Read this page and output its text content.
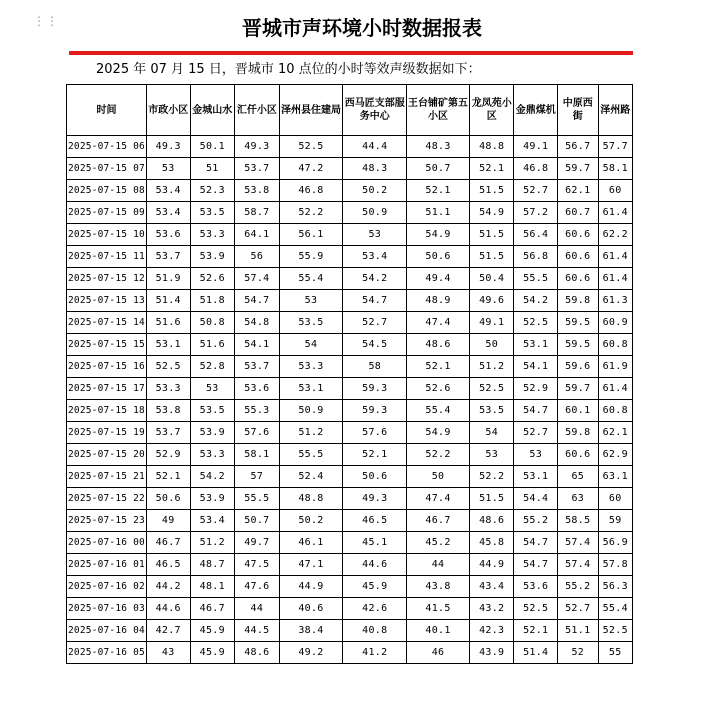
⋮⋮	晋城市声环境小时数据报表
2025 年 07 月 15 日，晋城市 10 点位的小时等效声级数据如下：
时间	市政小区	金城山水	汇仟小区	泽州县住建局	西马匠支部服务中心	王台铺矿第五小区	龙凤苑小区	金鼎煤机	中原西街	泽州路
2025-07-15 06	49.3	50.1	49.3	52.5	44.4	48.3	48.8	49.1	56.7	57.7
2025-07-15 07	53	51	53.7	47.2	48.3	50.7	52.1	46.8	59.7	58.1
2025-07-15 08	53.4	52.3	53.8	46.8	50.2	52.1	51.5	52.7	62.1	60
2025-07-15 09	53.4	53.5	58.7	52.2	50.9	51.1	54.9	57.2	60.7	61.4
2025-07-15 10	53.6	53.3	64.1	56.1	53	54.9	51.5	56.4	60.6	62.2
2025-07-15 11	53.7	53.9	56	55.9	53.4	50.6	51.5	56.8	60.6	61.4
2025-07-15 12	51.9	52.6	57.4	55.4	54.2	49.4	50.4	55.5	60.6	61.4
2025-07-15 13	51.4	51.8	54.7	53	54.7	48.9	49.6	54.2	59.8	61.3
2025-07-15 14	51.6	50.8	54.8	53.5	52.7	47.4	49.1	52.5	59.5	60.9
2025-07-15 15	53.1	51.6	54.1	54	54.5	48.6	50	53.1	59.5	60.8
2025-07-15 16	52.5	52.8	53.7	53.3	58	52.1	51.2	54.1	59.6	61.9
2025-07-15 17	53.3	53	53.6	53.1	59.3	52.6	52.5	52.9	59.7	61.4
2025-07-15 18	53.8	53.5	55.3	50.9	59.3	55.4	53.5	54.7	60.1	60.8
2025-07-15 19	53.7	53.9	57.6	51.2	57.6	54.9	54	52.7	59.8	62.1
2025-07-15 20	52.9	53.3	58.1	55.5	52.1	52.2	53	53	60.6	62.9
2025-07-15 21	52.1	54.2	57	52.4	50.6	50	52.2	53.1	65	63.1
2025-07-15 22	50.6	53.9	55.5	48.8	49.3	47.4	51.5	54.4	63	60
2025-07-15 23	49	53.4	50.7	50.2	46.5	46.7	48.6	55.2	58.5	59
2025-07-16 00	46.7	51.2	49.7	46.1	45.1	45.2	45.8	54.7	57.4	56.9
2025-07-16 01	46.5	48.7	47.5	47.1	44.6	44	44.9	54.7	57.4	57.8
2025-07-16 02	44.2	48.1	47.6	44.9	45.9	43.8	43.4	53.6	55.2	56.3
2025-07-16 03	44.6	46.7	44	40.6	42.6	41.5	43.2	52.5	52.7	55.4
2025-07-16 04	42.7	45.9	44.5	38.4	40.8	40.1	42.3	52.1	51.1	52.5
2025-07-16 05	43	45.9	48.6	49.2	41.2	46	43.9	51.4	52	55
